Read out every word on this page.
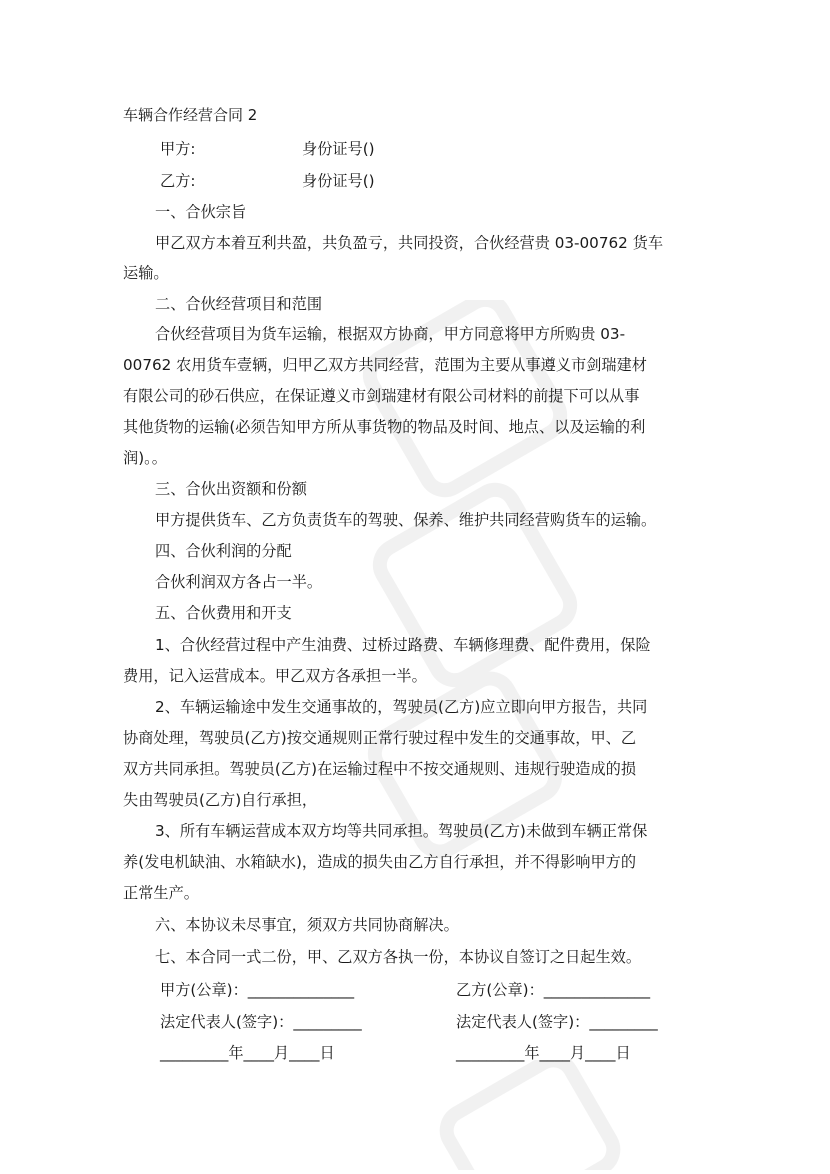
车辆合作经营合同 2
甲方:	身份证号()
乙方:	身份证号()
一、合伙宗旨
甲乙双方本着互利共盈，共负盈亏，共同投资，合伙经营贵 03-00762 货车
运输。
二、合伙经营项目和范围
合伙经营项目为货车运输，根据双方协商，甲方同意将甲方所购贵 03-
00762 农用货车壹辆，归甲乙双方共同经营，范围为主要从事遵义市剑瑞建材
有限公司的砂石供应，在保证遵义市剑瑞建材有限公司材料的前提下可以从事
其他货物的运输(必须告知甲方所从事货物的物品及时间、地点、以及运输的利
润)。。
三、合伙出资额和份额
甲方提供货车、乙方负责货车的驾驶、保养、维护共同经营购货车的运输。
四、合伙利润的分配
合伙利润双方各占一半。
五、合伙费用和开支
1、合伙经营过程中产生油费、过桥过路费、车辆修理费、配件费用，保险
费用，记入运营成本。甲乙双方各承担一半。
2、车辆运输途中发生交通事故的，驾驶员(乙方)应立即向甲方报告，共同
协商处理，驾驶员(乙方)按交通规则正常行驶过程中发生的交通事故，甲、乙
双方共同承担。驾驶员(乙方)在运输过程中不按交通规则、违规行驶造成的损
失由驾驶员(乙方)自行承担，
3、所有车辆运营成本双方均等共同承担。驾驶员(乙方)未做到车辆正常保
养(发电机缺油、水箱缺水)，造成的损失由乙方自行承担，并不得影响甲方的
正常生产。
六、本协议未尽事宜，须双方共同协商解决。
七、本合同一式二份，甲、乙双方各执一份，本协议自签订之日起生效。
甲方(公章)：______________	乙方(公章)：______________
法定代表人(签字)：_________	法定代表人(签字)：_________
_________年____月____日	_________年____月____日
